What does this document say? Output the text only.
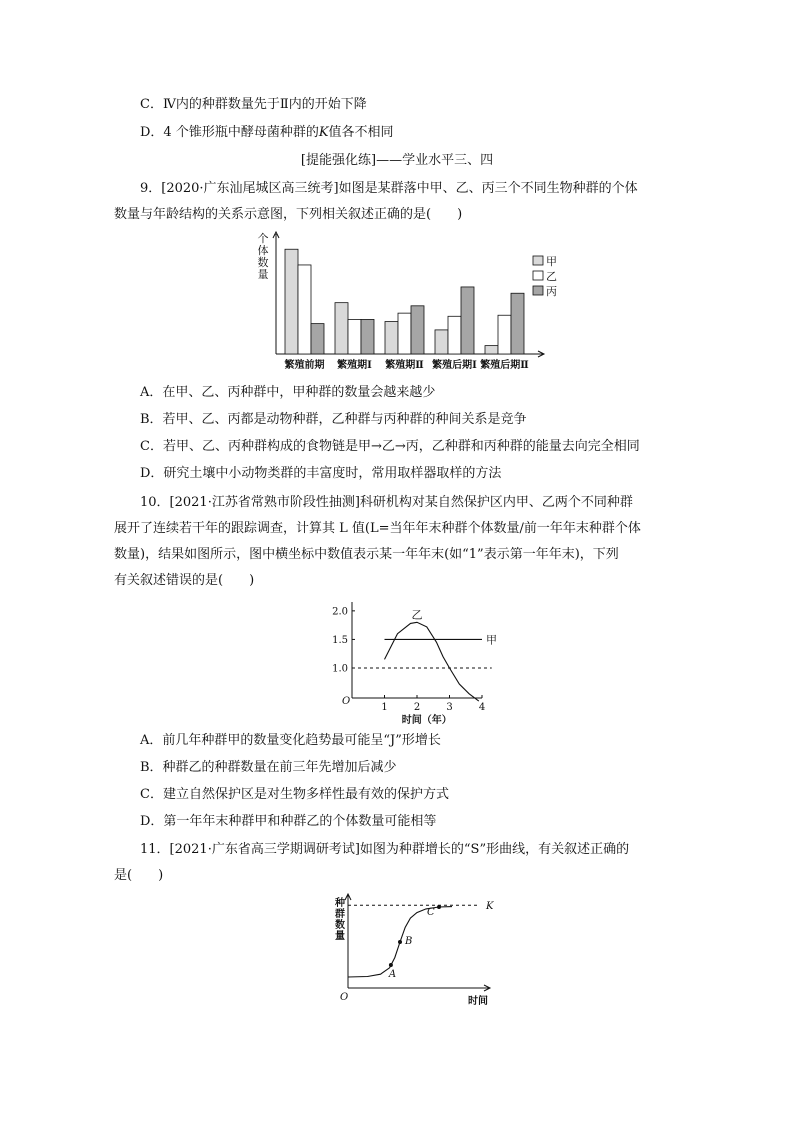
C．Ⅳ内的种群数量先于Ⅱ内的开始下降
D．4 个锥形瓶中酵母菌种群的K值各不相同
[提能强化练]——学业水平三、四
9．[2020·广东汕尾城区高三统考]如图是某群落中甲、乙、丙三个不同生物种群的个体
数量与年龄结构的关系示意图，下列相关叙述正确的是(　　)
个
体
数
量
繁殖前期 繁殖期Ⅰ 繁殖期Ⅱ 繁殖后期Ⅰ 繁殖后期Ⅱ
甲
乙
丙
A．在甲、乙、丙种群中，甲种群的数量会越来越少
B．若甲、乙、丙都是动物种群，乙种群与丙种群的种间关系是竞争
C．若甲、乙、丙种群构成的食物链是甲→乙→丙，乙种群和丙种群的能量去向完全相同
D．研究土壤中小动物类群的丰富度时，常用取样器取样的方法
10．[2021·江苏省常熟市阶段性抽测]科研机构对某自然保护区内甲、乙两个不同种群
展开了连续若干年的跟踪调查，计算其 L 值(L=当年年末种群个体数量/前一年年末种群个体
数量)，结果如图所示，图中横坐标中数值表示某一年年末(如“1”表示第一年年末)，下列
有关叙述错误的是(　　)
O
1.0
1.5
2.0
1	2	3	4
时间（年）
甲
乙
A．前几年种群甲的数量变化趋势最可能呈“J”形增长
B．种群乙的种群数量在前三年先增加后减少
C．建立自然保护区是对生物多样性最有效的保护方式
D．第一年年末种群甲和种群乙的个体数量可能相等
11．[2021·广东省高三学期调研考试]如图为种群增长的“S”形曲线，有关叙述正确的
是(　　)
O
种
群
数
量
时间
K
A
B
C
